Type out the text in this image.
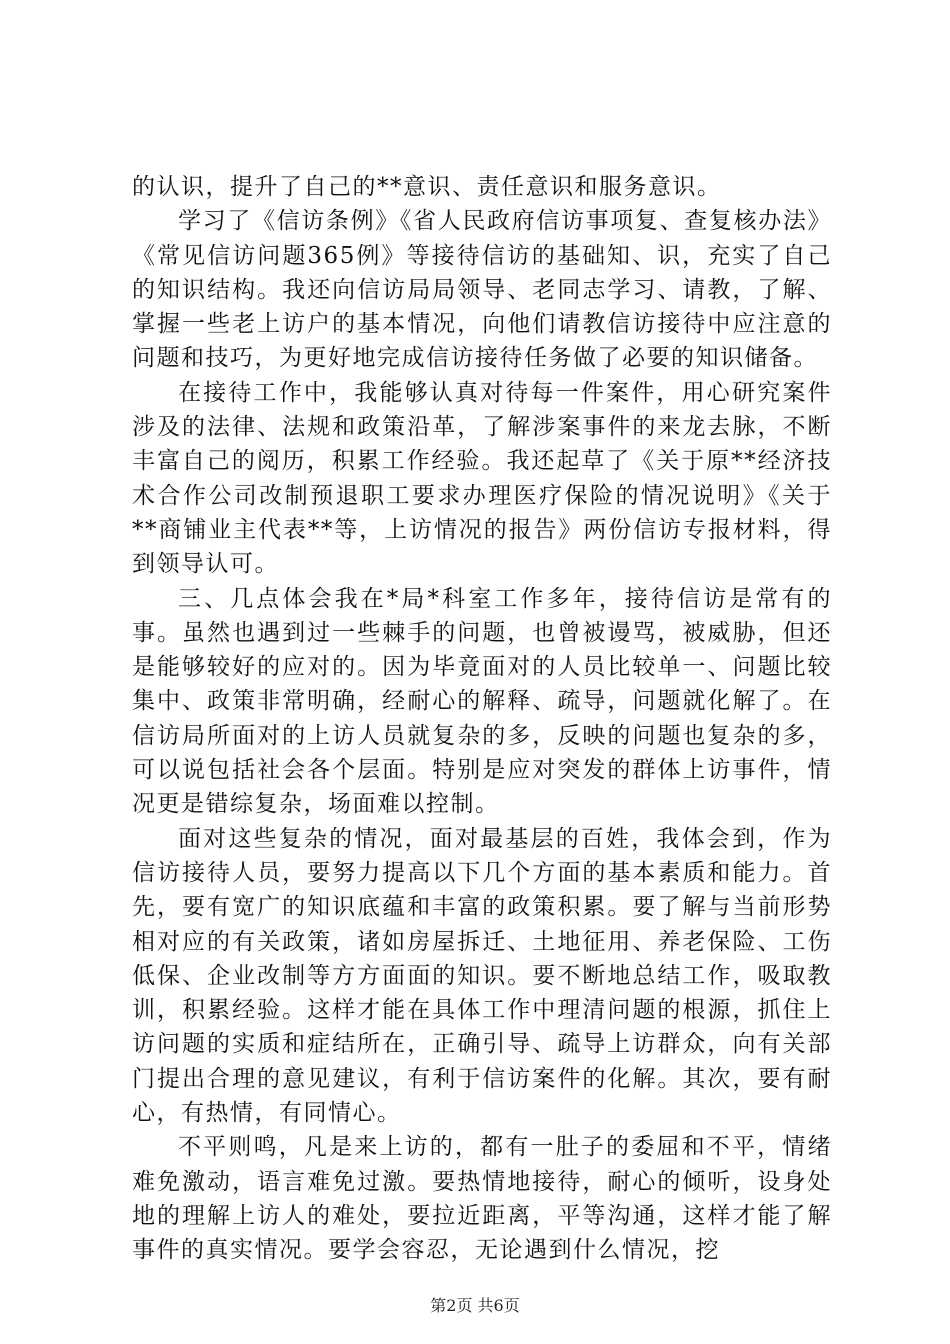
的认识，提升了自己的**意识、责任意识和服务意识。

学习了《信访条例》《省人民政府信访事项复、查复核办法》《常见信访问题365例》等接待信访的基础知、识，充实了自己的知识结构。我还向信访局局领导、老同志学习、请教，了解、掌握一些老上访户的基本情况，向他们请教信访接待中应注意的问题和技巧，为更好地完成信访接待任务做了必要的知识储备。

在接待工作中，我能够认真对待每一件案件，用心研究案件涉及的法律、法规和政策沿革，了解涉案事件的来龙去脉，不断丰富自己的阅历，积累工作经验。我还起草了《关于原**经济技术合作公司改制预退职工要求办理医疗保险的情况说明》《关于**商铺业主代表**等，上访情况的报告》两份信访专报材料，得到领导认可。

三、几点体会我在*局*科室工作多年，接待信访是常有的事。虽然也遇到过一些棘手的问题，也曾被谩骂，被威胁，但还是能够较好的应对的。因为毕竟面对的人员比较单一、问题比较集中、政策非常明确，经耐心的解释、疏导，问题就化解了。在信访局所面对的上访人员就复杂的多，反映的问题也复杂的多，可以说包括社会各个层面。特别是应对突发的群体上访事件，情况更是错综复杂，场面难以控制。

面对这些复杂的情况，面对最基层的百姓，我体会到，作为信访接待人员，要努力提高以下几个方面的基本素质和能力。首先，要有宽广的知识底蕴和丰富的政策积累。要了解与当前形势相对应的有关政策，诸如房屋拆迁、土地征用、养老保险、工伤低保、企业改制等方方面面的知识。要不断地总结工作，吸取教训，积累经验。这样才能在具体工作中理清问题的根源，抓住上访问题的实质和症结所在，正确引导、疏导上访群众，向有关部门提出合理的意见建议，有利于信访案件的化解。其次，要有耐心，有热情，有同情心。

不平则鸣，凡是来上访的，都有一肚子的委屈和不平，情绪难免激动，语言难免过激。要热情地接待，耐心的倾听，设身处地的理解上访人的难处，要拉近距离，平等沟通，这样才能了解事件的真实情况。要学会容忍，无论遇到什么情况，挖

第2页 共6页
